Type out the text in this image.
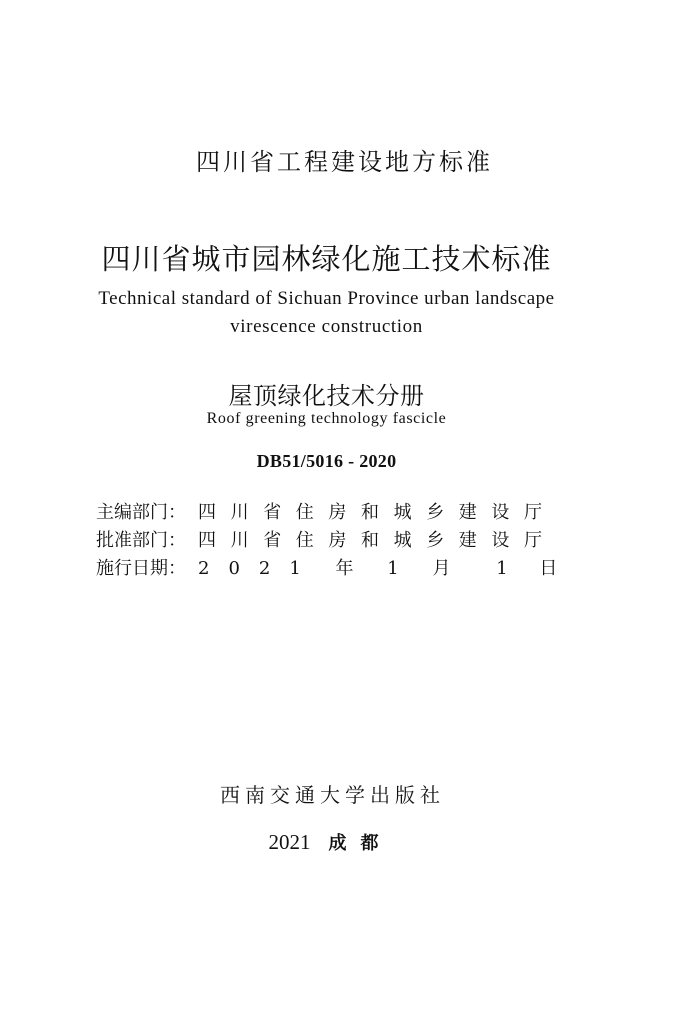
四川省工程建设地方标准
四川省城市园林绿化施工技术标准
Technical standard of Sichuan Province urban landscape
virescence construction
屋顶绿化技术分册
Roof greening technology fascicle
DB51/5016 - 2020
主编部门： 四川省住房和城乡建设厅
批准部门： 四川省住房和城乡建设厅
施行日期： 2021 年 1 月	1 日
西南交通大学出版社
2021 成都
